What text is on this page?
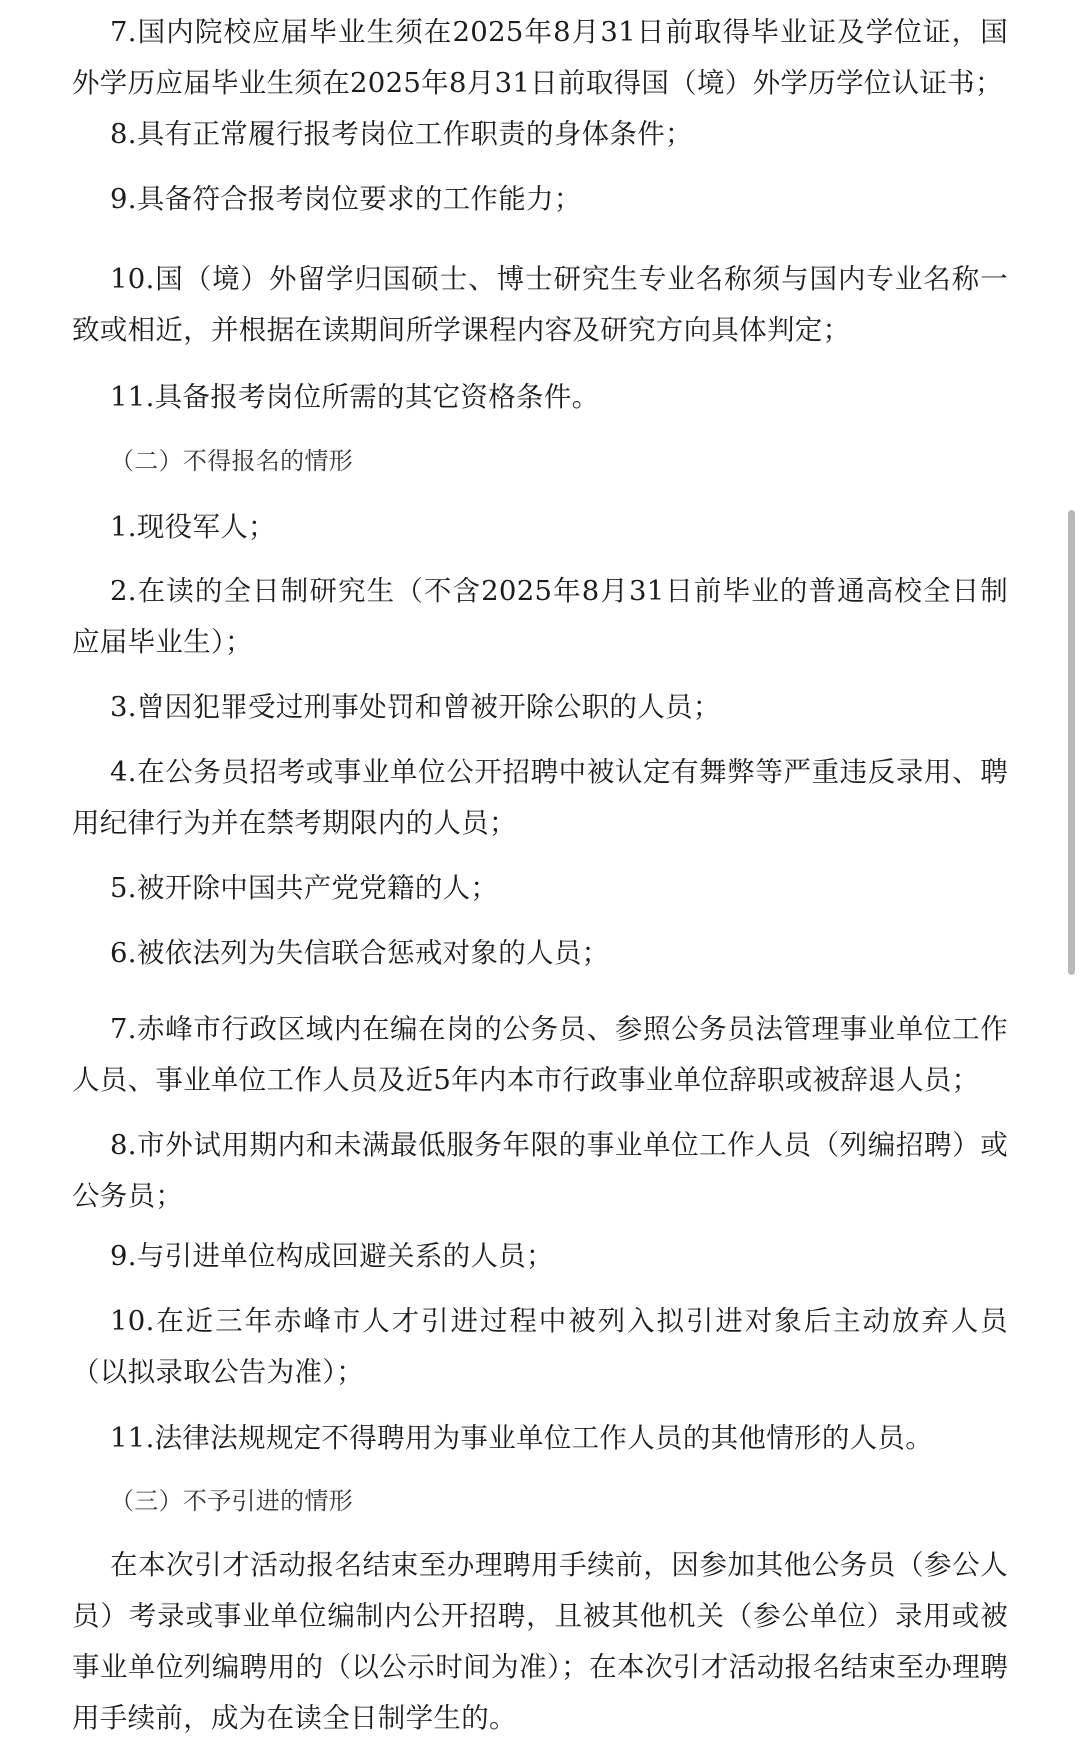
7.国内院校应届毕业生须在2025年8月31日前取得毕业证及学位证，国外学历应届毕业生须在2025年8月31日前取得国（境）外学历学位认证书；

8.具有正常履行报考岗位工作职责的身体条件；

9.具备符合报考岗位要求的工作能力；

10.国（境）外留学归国硕士、博士研究生专业名称须与国内专业名称一致或相近，并根据在读期间所学课程内容及研究方向具体判定；

11.具备报考岗位所需的其它资格条件。

（二）不得报名的情形

1.现役军人；

2.在读的全日制研究生（不含2025年8月31日前毕业的普通高校全日制应届毕业生）；

3.曾因犯罪受过刑事处罚和曾被开除公职的人员；

4.在公务员招考或事业单位公开招聘中被认定有舞弊等严重违反录用、聘用纪律行为并在禁考期限内的人员；

5.被开除中国共产党党籍的人；

6.被依法列为失信联合惩戒对象的人员；

7.赤峰市行政区域内在编在岗的公务员、参照公务员法管理事业单位工作人员、事业单位工作人员及近5年内本市行政事业单位辞职或被辞退人员；

8.市外试用期内和未满最低服务年限的事业单位工作人员（列编招聘）或公务员；

9.与引进单位构成回避关系的人员；

10.在近三年赤峰市人才引进过程中被列入拟引进对象后主动放弃人员（以拟录取公告为准）；

11.法律法规规定不得聘用为事业单位工作人员的其他情形的人员。

（三）不予引进的情形

在本次引才活动报名结束至办理聘用手续前，因参加其他公务员（参公人员）考录或事业单位编制内公开招聘，且被其他机关（参公单位）录用或被事业单位列编聘用的（以公示时间为准）；在本次引才活动报名结束至办理聘用手续前，成为在读全日制学生的。
